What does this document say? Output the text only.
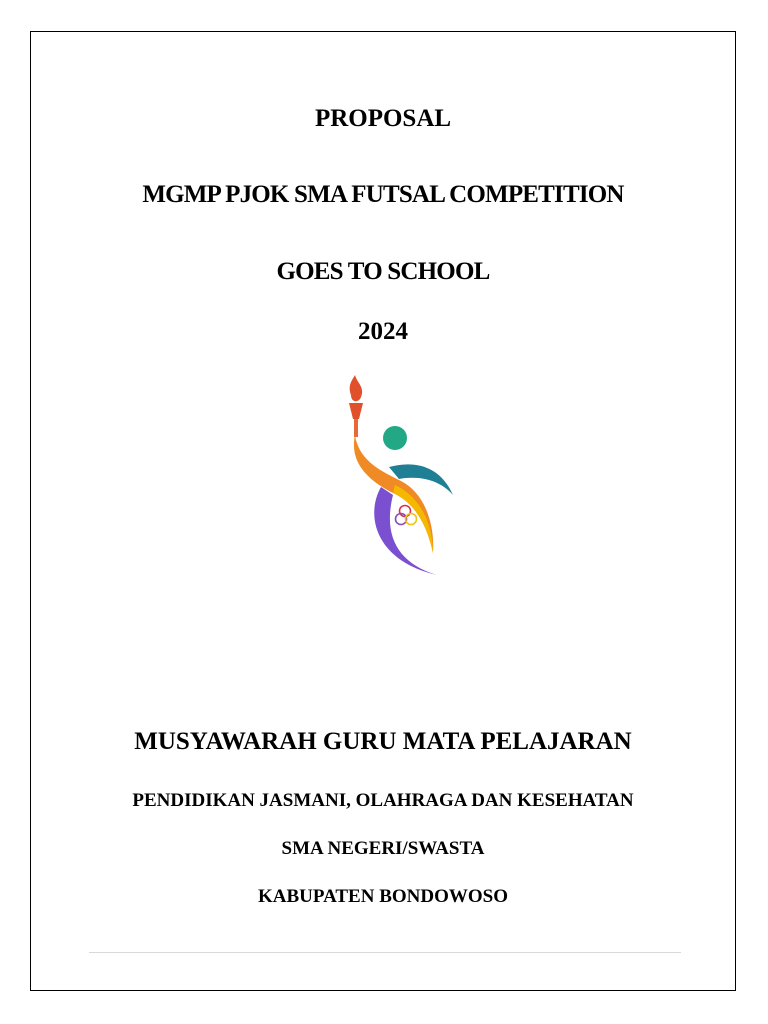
PROPOSAL
MGMP PJOK SMA FUTSAL COMPETITION
GOES TO SCHOOL
2024
MUSYAWARAH GURU MATA PELAJARAN
PENDIDIKAN JASMANI, OLAHRAGA DAN KESEHATAN
SMA NEGERI/SWASTA
KABUPATEN BONDOWOSO
